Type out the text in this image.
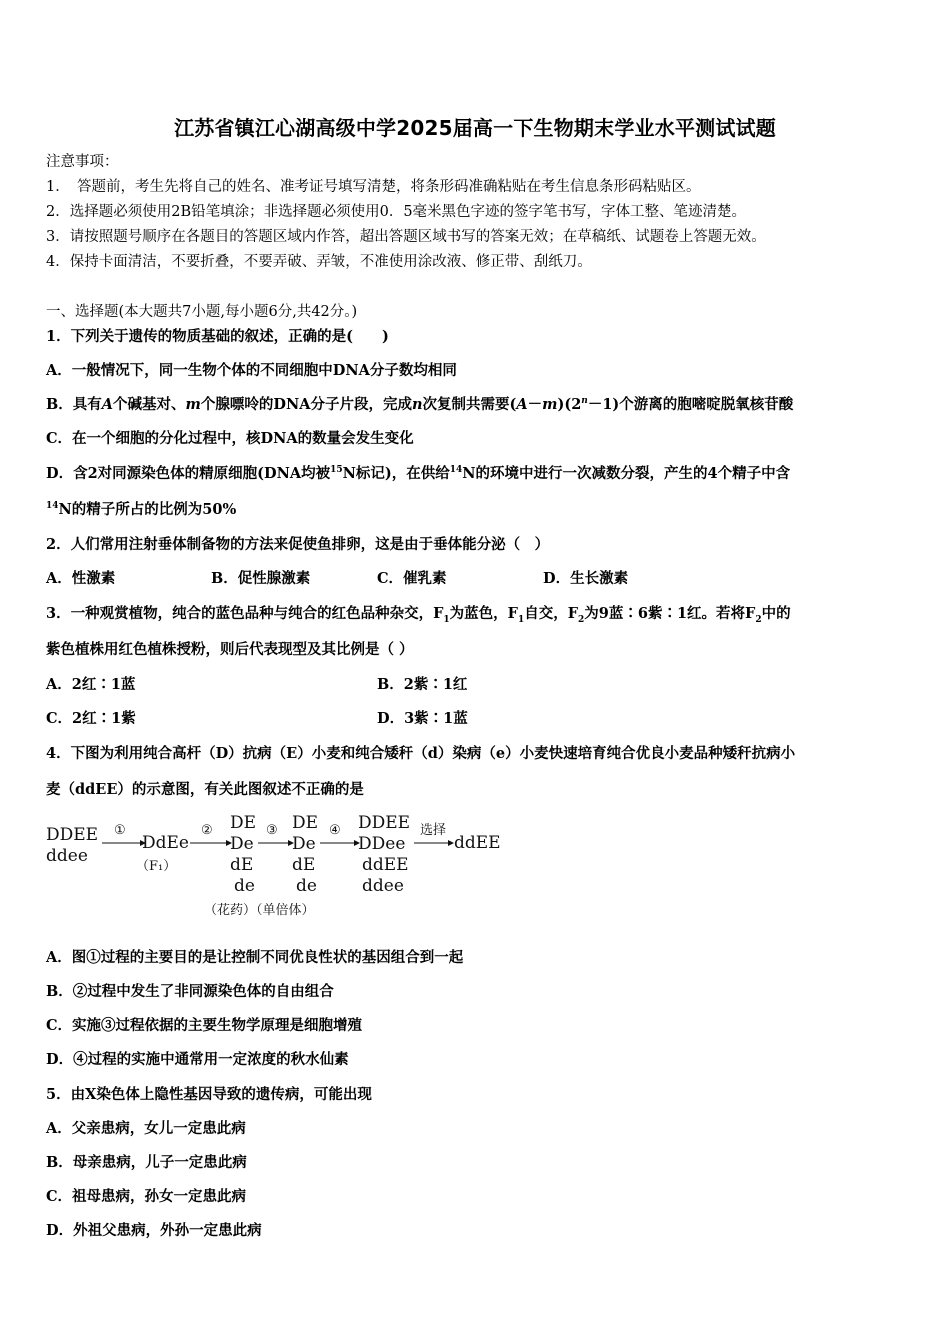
江苏省镇江心湖高级中学2025届高一下生物期末学业水平测试试题
注意事项：
1．　答题前，考生先将自己的姓名、准考证号填写清楚，将条形码准确粘贴在考生信息条形码粘贴区。
2．选择题必须使用2B铅笔填涂；非选择题必须使用0．5毫米黑色字迹的签字笔书写，字体工整、笔迹清楚。
3．请按照题号顺序在各题目的答题区域内作答，超出答题区域书写的答案无效；在草稿纸、试题卷上答题无效。
4．保持卡面清洁，不要折叠，不要弄破、弄皱，不准使用涂改液、修正带、刮纸刀。
一、选择题(本大题共7小题,每小题6分,共42分。)
1．下列关于遗传的物质基础的叙述，正确的是(　　)
A．一般情况下，同一生物个体的不同细胞中DNA分子数均相同
B．具有A个碱基对、m个腺嘌呤的DNA分子片段，完成n次复制共需要$(A-m)(2^n-1)$个游离的胞嘧啶脱氧核苷酸
C．在一个细胞的分化过程中，核DNA的数量会发生变化
D．含2对同源染色体的精原细胞(DNA均被$^{15}$N标记)，在供给$^{14}$N的环境中进行一次减数分裂，产生的4个精子中含
$^{14}$N的精子所占的比例为50%
2．人们常用注射垂体制备物的方法来促使鱼排卵，这是由于垂体能分泌（　）
A．性激素	B．促性腺激素	C．催乳素	D．生长激素
3．一种观赏植物，纯合的蓝色品种与纯合的红色品种杂交，$F_1$为蓝色，$F_1$自交，$F_2$为9蓝∶6紫∶1红。若将$F_2$中的
紫色植株用红色植株授粉，则后代表现型及其比例是（ ）
A．2红∶1蓝	B．2紫∶1红
C．2红∶1紫	D．3紫∶1蓝
4．下图为利用纯合高杆（D）抗病（E）小麦和纯合矮秆（d）染病（e）小麦快速培育纯合优良小麦品种矮秆抗病小
麦（ddEE）的示意图，有关此图叙述不正确的是
DDEE
ddee
①
DdEe
（F₁）
② DE
De
dE
de
③ DE
De
dE
de
④ DDEE
DDee
ddEE
ddee
选择
ddEE
（花药）（单倍体）
A．图①过程的主要目的是让控制不同优良性状的基因组合到一起
B．②过程中发生了非同源染色体的自由组合
C．实施③过程依据的主要生物学原理是细胞增殖
D．④过程的实施中通常用一定浓度的秋水仙素
5．由X染色体上隐性基因导致的遗传病，可能出现
A．父亲患病，女儿一定患此病
B．母亲患病，儿子一定患此病
C．祖母患病，孙女一定患此病
D．外祖父患病，外孙一定患此病
